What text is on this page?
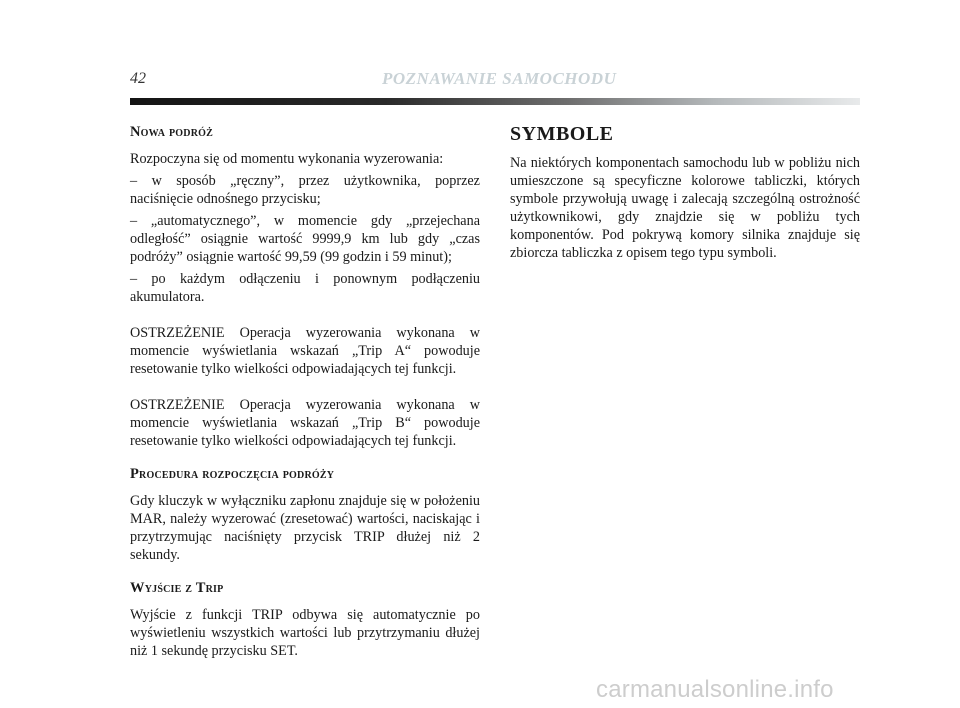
42	POZNAWANIE SAMOCHODU
Nowa podróż

Rozpoczyna się od momentu wykonania wyzerowania:

– w sposób „ręczny”, przez użytkownika, poprzez naciśnięcie odnośnego przycisku;

– „automatycznego”, w momencie gdy „przejechana odległość” osiągnie wartość 9999,9 km lub gdy „czas podróży” osiągnie wartość 99,59 (99 godzin i 59 minut);

– po każdym odłączeniu i ponownym podłączeniu akumulatora.

OSTRZEŻENIE Operacja wyzerowania wykonana w momencie wyświetlania wskazań „Trip A“ powoduje resetowanie tylko wielkości odpowiadających tej funkcji.

OSTRZEŻENIE Operacja wyzerowania wykonana w momencie wyświetlania wskazań „Trip B“ powoduje resetowanie tylko wielkości odpowiadających tej funkcji.

Procedura rozpoczęcia podróży

Gdy kluczyk w wyłączniku zapłonu znajduje się w położeniu MAR, należy wyzerować (zresetować) wartości, naciskając i przytrzymując naciśnięty przycisk TRIP dłużej niż 2 sekundy.

Wyjście z Trip

Wyjście z funkcji TRIP odbywa się automatycznie po wyświetleniu wszystkich wartości lub przytrzymaniu dłużej niż 1 sekundę przycisku SET.

SYMBOLE

Na niektórych komponentach samochodu lub w pobliżu nich umieszczone są specyficzne kolorowe tabliczki, których symbole przywołują uwagę i zalecają szczególną ostrożność użytkownikowi, gdy znajdzie się w pobliżu tych komponentów. Pod pokrywą komory silnika znajduje się zbiorcza tabliczka z opisem tego typu symboli.

carmanualsonline.info
